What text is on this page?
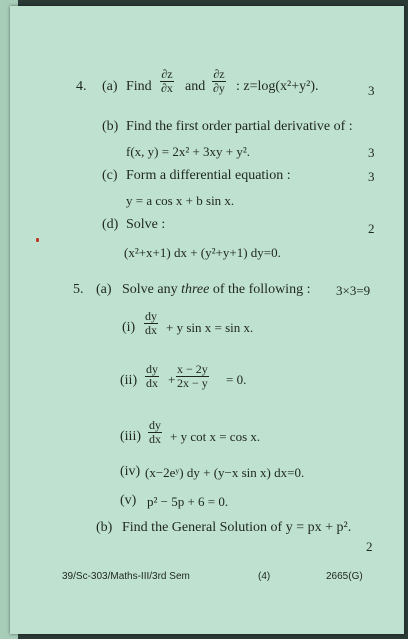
4. (a) Find $\frac{\partial z}{\partial x}$ and $\frac{\partial z}{\partial y}$ : z=log(x²+y²).	3
(b) Find the first order partial derivative of :
f(x, y) = 2x² + 3xy + y².	3
(c) Form a differential equation :	3
y = a cos x + b sin x.
(d) Solve :	2
(x²+x+1) dx + (y²+y+1) dy=0.
5. (a) Solve any three of the following : 3×3=9
$(i) \frac{dy}{dx} + y$ sin x = sin x.
$(ii) \frac{dy}{dx} + \frac{x - 2y}{2x - y} = 0$.
$(iii) \frac{dy}{dx} + y$ cot x = cos x.
(iv) (x−2eʸ) dy + (y−x sin x) dx=0.
(v) p² − 5p + 6 = 0.
(b) Find the General Solution of y = px + p².
2
39/Sc-303/Maths-III/3rd Sem	(4)	2665(G)
